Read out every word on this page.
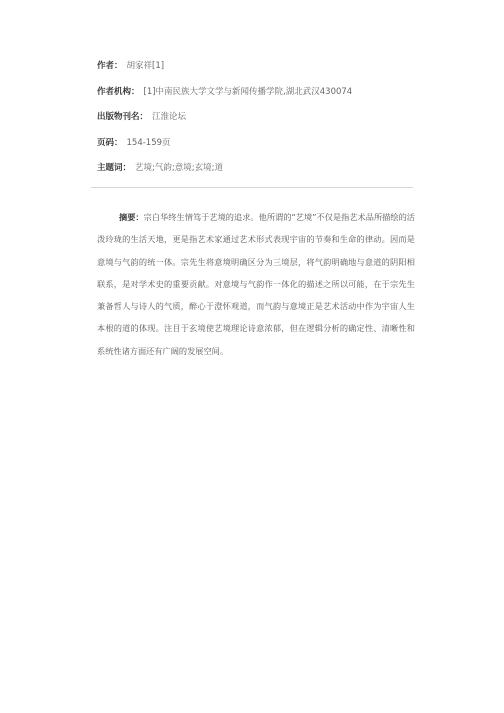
作者： 胡家祥[1]
作者机构： [1]中南民族大学文学与新闻传播学院,湖北武汉430074
出版物刊名： 江淮论坛
页码： 154-159页
主题词： 艺境;气韵;意境;玄境;道
摘要：宗白华终生情笃于艺境的追求。他所谓的“艺境”不仅是指艺术品所描绘的活泼玲珑的生活天地，更是指艺术家通过艺术形式表现宇宙的节奏和生命的律动。因而是意境与气韵的统一体。宗先生将意境明确区分为三境层，将气韵明确地与意道的阴阳相联系，是对学术史的重要贡献。对意境与气韵作一体化的描述之所以可能，在于宗先生兼备哲人与诗人的气质，醉心于澄怀观道，而气韵与意境正是艺术活动中作为宇宙人生本根的道的体现。注目于玄境使艺境理论诗意浓郁，但在逻辑分析的确定性、清晰性和系统性诸方面还有广阔的发展空间。
